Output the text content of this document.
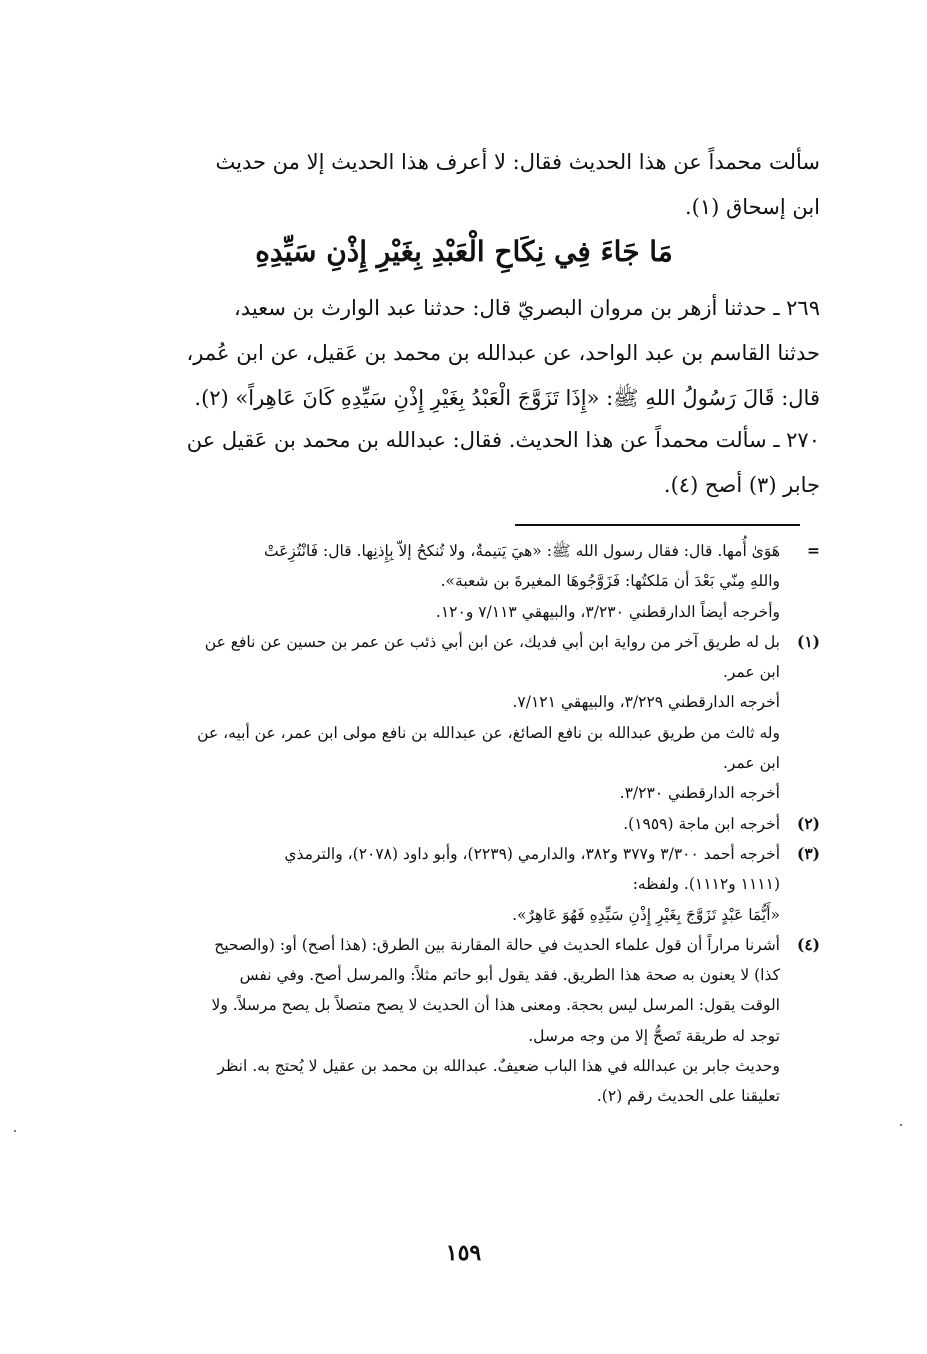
سألت محمداً عن هذا الحديث فقال: لا أعرف هذا الحديث إلا من حديث
ابن إسحاق (١).
مَا جَاءَ فِي نِكَاحِ الْعَبْدِ بِغَيْرِ إِذْنِ سَيِّدِهِ
٢٦٩ ـ حدثنا أزهر بن مروان البصريّ قال: حدثنا عبد الوارث بن سعيد،
حدثنا القاسم بن عبد الواحد، عن عبدالله بن محمد بن عَقيل، عن ابن عُمر،
قال: قَالَ رَسُولُ اللهِ ﷺ: «إِذَا تَزَوَّجَ الْعَبْدُ بِغَيْرِ إِذْنِ سَيِّدِهِ كَانَ عَاهِراً» (٢).
٢٧٠ ـ سألت محمداً عن هذا الحديث. فقال: عبدالله بن محمد بن عَقيل عن
جابر (٣) أصح (٤).
=
هَوَىٰ أُمها. قال: فقال رسول الله ﷺ: «هيَ يَتيمةٌ، ولا تُنكحُ إلاّ بِإِذنِها. قال: فَانْتُزِعَتْ
واللهِ مِنّي بَعْدَ أن مَلكتُها: فَزَوَّجُوهَا المغيرةَ بن شعبة».
وأخرجه أيضاً الدارقطني ٣/٢٣٠، والبيهقي ٧/١١٣ و١٢٠.
(١)
بل له طريق آخر من رواية ابن أبي فديك، عن ابن أبي ذئب عن عمر بن حسين عن نافع عن
ابن عمر.
أخرجه الدارقطني ٣/٢٢٩، والبيهقي ٧/١٢١.
وله ثالث من طريق عبدالله بن نافع الصائغ، عن عبدالله بن نافع مولى ابن عمر، عن أبيه، عن
ابن عمر.
أخرجه الدارقطني ٣/٢٣٠.
(٢)
أخرجه ابن ماجة (١٩٥٩).
(٣)
أخرجه أحمد ٣/٣٠٠ و٣٧٧ و٣٨٢، والدارمي (٢٢٣٩)، وأبو داود (٢٠٧٨)، والترمذي
(١١١١ و١١١٢). ولفظه:
«أَيُّمَا عَبْدٍ تَزَوَّجَ بِغَيْرِ إِذْنِ سَيِّدِهِ فَهُوَ عَاهِرٌ».
(٤)
أشرنا مراراً أن قول علماء الحديث في حالة المقارنة بين الطرق: (هذا أصح) أو: (والصحيح
كذا) لا يعنون به صحة هذا الطريق. فقد يقول أبو حاتم مثلاً: والمرسل أصح. وفي نفس
الوقت يقول: المرسل ليس بحجة. ومعنى هذا أن الحديث لا يصح متصلاً بل يصح مرسلاً. ولا
توجد له طريقة تَصحُّ إلا من وجه مرسل.
وحديث جابر بن عبدالله في هذا الباب ضعيفٌ. عبدالله بن محمد بن عقيل لا يُحتج به. انظر
تعليقنا على الحديث رقم (٢).
١٥٩
